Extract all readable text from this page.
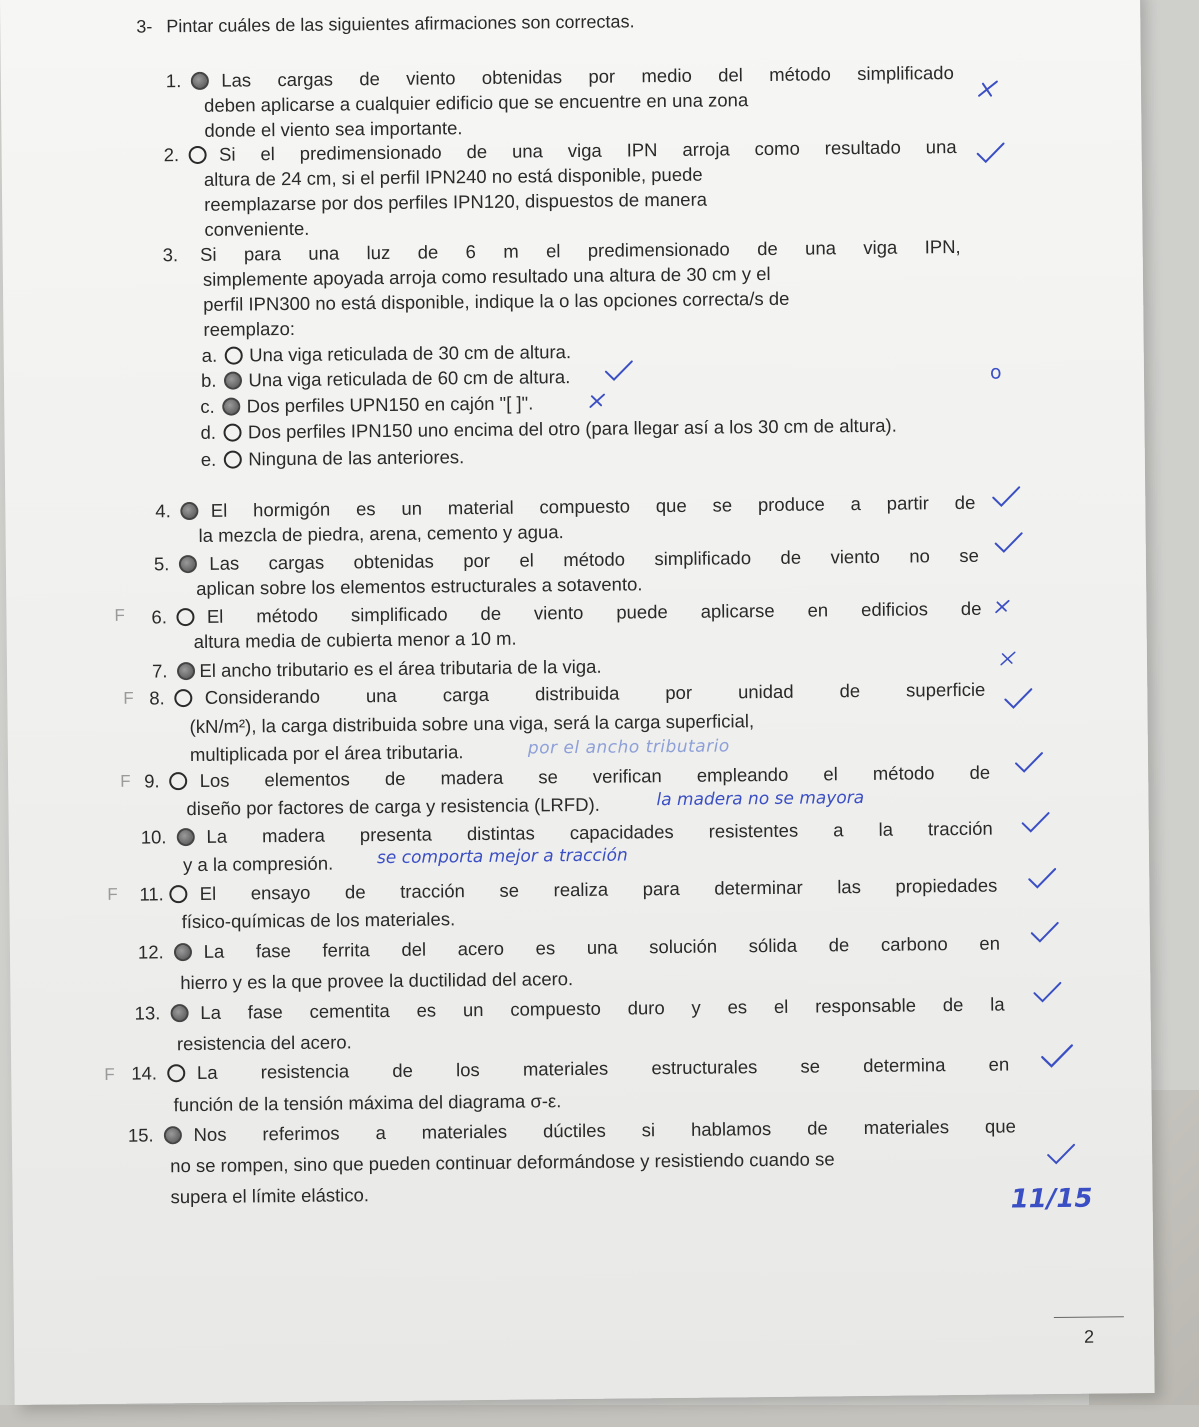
3- Pintar cuáles de las siguientes afirmaciones son correctas.
1. Las cargas de viento obtenidas por medio del método simplificado
deben aplicarse a cualquier edificio que se encuentre en una zona
donde el viento sea importante.
2. Si el predimensionado de una viga IPN arroja como resultado una
altura de 24 cm, si el perfil IPN240 no está disponible, puede
reemplazarse por dos perfiles IPN120, dispuestos de manera
conveniente.
3. Si para una luz de 6 m el predimensionado de una viga IPN,
simplemente apoyada arroja como resultado una altura de 30 cm y el
perfil IPN300 no está disponible, indique la o las opciones correcta/s de
reemplazo:
a. Una viga reticulada de 30 cm de altura.
b. Una viga reticulada de 60 cm de altura.
c. Dos perfiles UPN150 en cajón "[ ]".
d. Dos perfiles IPN150 uno encima del otro (para llegar así a los 30 cm de altura).
e. Ninguna de las anteriores.
4. El hormigón es un material compuesto que se produce a partir de
la mezcla de piedra, arena, cemento y agua.
5. Las cargas obtenidas por el método simplificado de viento no se
aplican sobre los elementos estructurales a sotavento.
6. El método simplificado de viento puede aplicarse en edificios de
altura media de cubierta menor a 10 m.
7. El ancho tributario es el área tributaria de la viga.
8. Considerando una carga distribuida por unidad de superficie
(kN/m²), la carga distribuida sobre una viga, será la carga superficial,
multiplicada por el área tributaria.
9. Los elementos de madera se verifican empleando el método de
diseño por factores de carga y resistencia (LRFD).
10. La madera presenta distintas capacidades resistentes a la tracción
y a la compresión.
11. El ensayo de tracción se realiza para determinar las propiedades
físico-químicas de los materiales.
12. La fase ferrita del acero es una solución sólida de carbono en
hierro y es la que provee la ductilidad del acero.
13. La fase cementita es un compuesto duro y es el responsable de la
resistencia del acero.
14. La resistencia de los materiales estructurales se determina en
función de la tensión máxima del diagrama σ-ε.
15. Nos referimos a materiales dúctiles si hablamos de materiales que
no se rompen, sino que pueden continuar deformándose y resistiendo cuando se
supera el límite elástico.
por el ancho tributario
la madera no se mayora
se comporta mejor a tracción
o
F
F
F
F
F
11/15
2
